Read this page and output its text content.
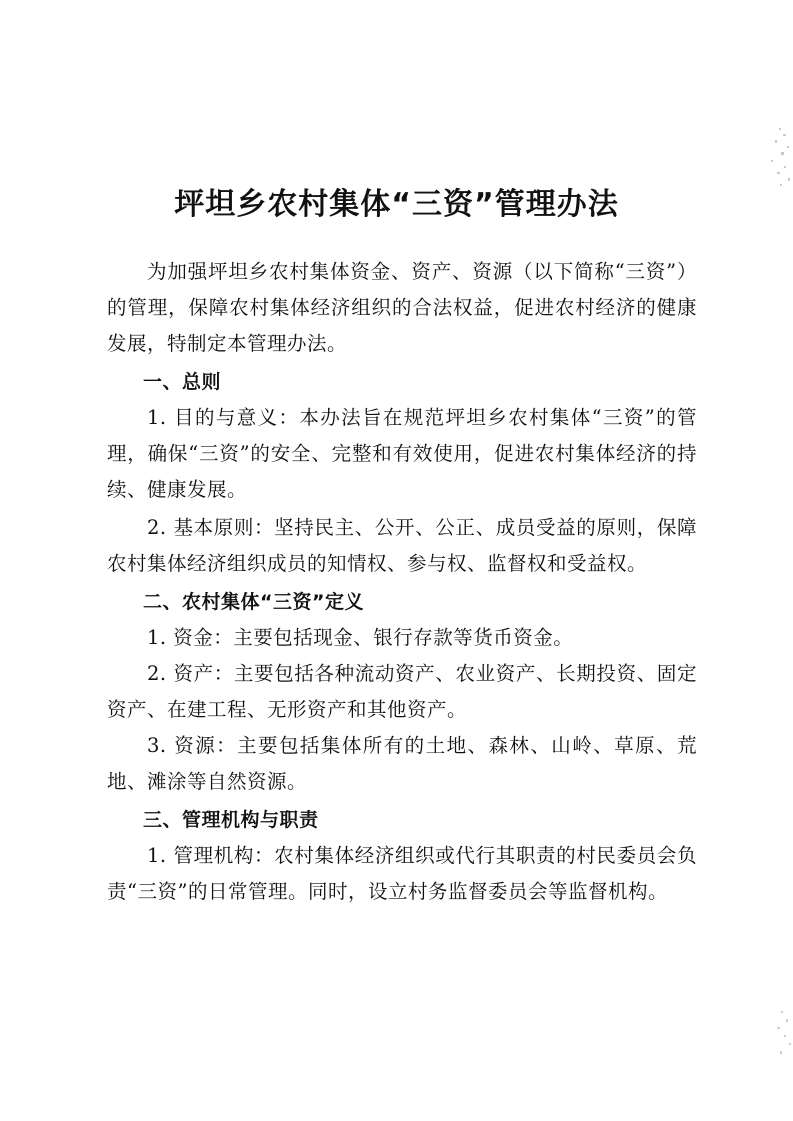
坪坦乡农村集体“三资”管理办法

为加强坪坦乡农村集体资金、资产、资源（以下简称“三资”）的管理，保障农村集体经济组织的合法权益，促进农村经济的健康发展，特制定本管理办法。

一、总则

1. 目的与意义：本办法旨在规范坪坦乡农村集体“三资”的管理，确保“三资”的安全、完整和有效使用，促进农村集体经济的持续、健康发展。

2. 基本原则：坚持民主、公开、公正、成员受益的原则，保障农村集体经济组织成员的知情权、参与权、监督权和受益权。

二、农村集体“三资”定义

1. 资金：主要包括现金、银行存款等货币资金。

2. 资产：主要包括各种流动资产、农业资产、长期投资、固定资产、在建工程、无形资产和其他资产。

3. 资源：主要包括集体所有的土地、森林、山岭、草原、荒地、滩涂等自然资源。

三、管理机构与职责

1. 管理机构：农村集体经济组织或代行其职责的村民委员会负责“三资”的日常管理。同时，设立村务监督委员会等监督机构。
